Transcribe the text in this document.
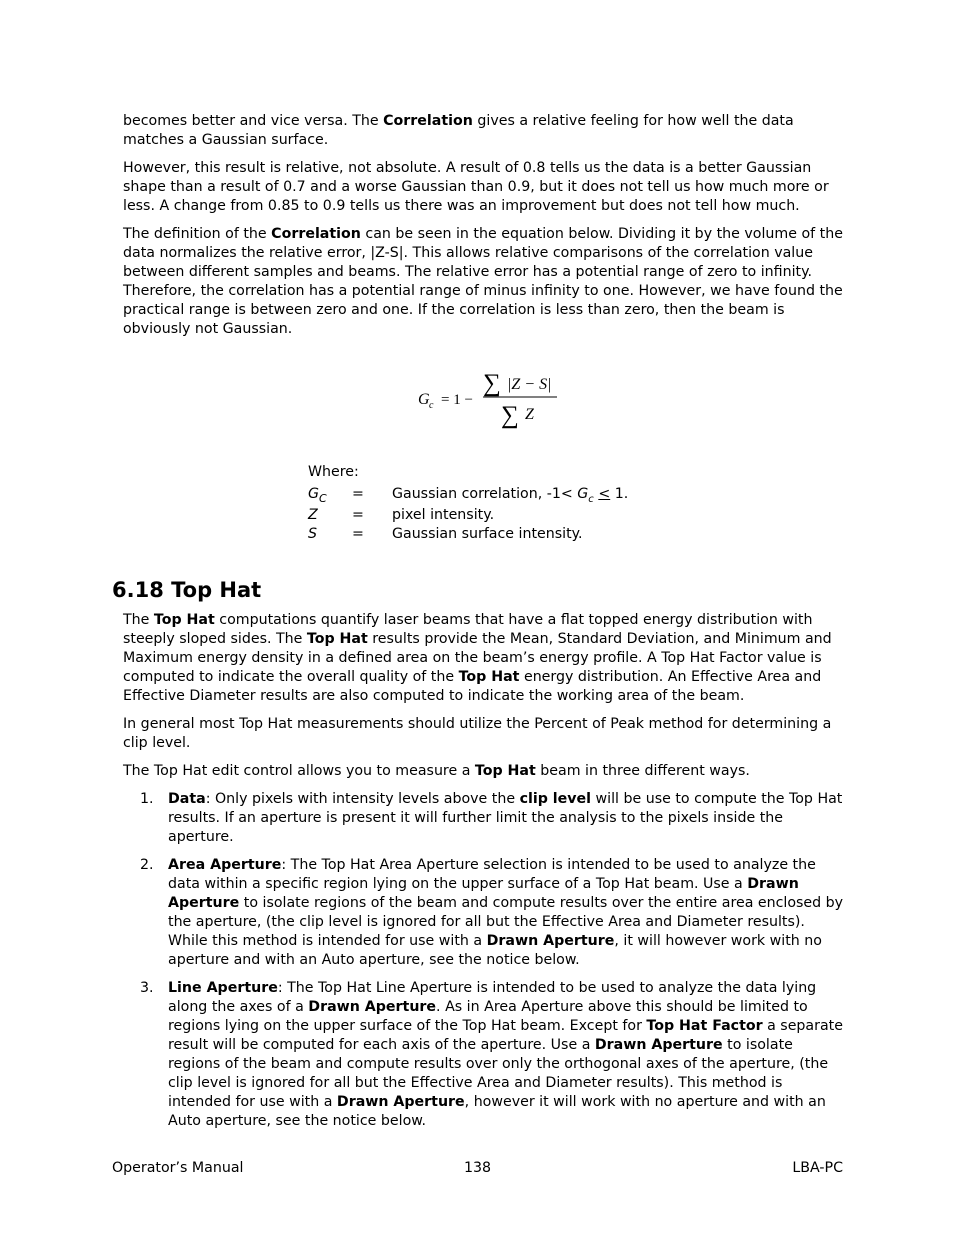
becomes better and vice versa. The Correlation gives a relative feeling for how well the data matches a Gaussian surface.

However, this result is relative, not absolute. A result of 0.8 tells us the data is a better Gaussian shape than a result of 0.7 and a worse Gaussian than 0.9, but it does not tell us how much more or less. A change from 0.85 to 0.9 tells us there was an improvement but does not tell how much.

The definition of the Correlation can be seen in the equation below. Dividing it by the volume of the data normalizes the relative error, |Z-S|. This allows relative comparisons of the correlation value between different samples and beams. The relative error has a potential range of zero to infinity. Therefore, the correlation has a potential range of minus infinity to one. However, we have found the practical range is between zero and one. If the correlation is less than zero, then the beam is obviously not Gaussian.

G c = 1 −
∑ |Z − S|
∑ Z
Where:
$G_C$	=	Gaussian correlation, $-1< G_c < 1$.
Z	=	pixel intensity.
S	=	Gaussian surface intensity.
6.18 Top Hat

The Top Hat computations quantify laser beams that have a flat topped energy distribution with steeply sloped sides. The Top Hat results provide the Mean, Standard Deviation, and Minimum and Maximum energy density in a defined area on the beam’s energy profile. A Top Hat Factor value is computed to indicate the overall quality of the Top Hat energy distribution. An Effective Area and Effective Diameter results are also computed to indicate the working area of the beam.

In general most Top Hat measurements should utilize the Percent of Peak method for determining a clip level.

The Top Hat edit control allows you to measure a Top Hat beam in three different ways.

1. Data: Only pixels with intensity levels above the clip level will be use to compute the Top Hat results. If an aperture is present it will further limit the analysis to the pixels inside the aperture.
2. Area Aperture: The Top Hat Area Aperture selection is intended to be used to analyze the data within a specific region lying on the upper surface of a Top Hat beam. Use a Drawn Aperture to isolate regions of the beam and compute results over the entire area enclosed by the aperture, (the clip level is ignored for all but the Effective Area and Diameter results). While this method is intended for use with a Drawn Aperture, it will however work with no aperture and with an Auto aperture, see the notice below.
3. Line Aperture: The Top Hat Line Aperture is intended to be used to analyze the data lying along the axes of a Drawn Aperture. As in Area Aperture above this should be limited to regions lying on the upper surface of the Top Hat beam. Except for Top Hat Factor a separate result will be computed for each axis of the aperture. Use a Drawn Aperture to isolate regions of the beam and compute results over only the orthogonal axes of the aperture, (the clip level is ignored for all but the Effective Area and Diameter results). This method is intended for use with a Drawn Aperture, however it will work with no aperture and with an Auto aperture, see the notice below.
Operator’s Manual	138	LBA-PC
